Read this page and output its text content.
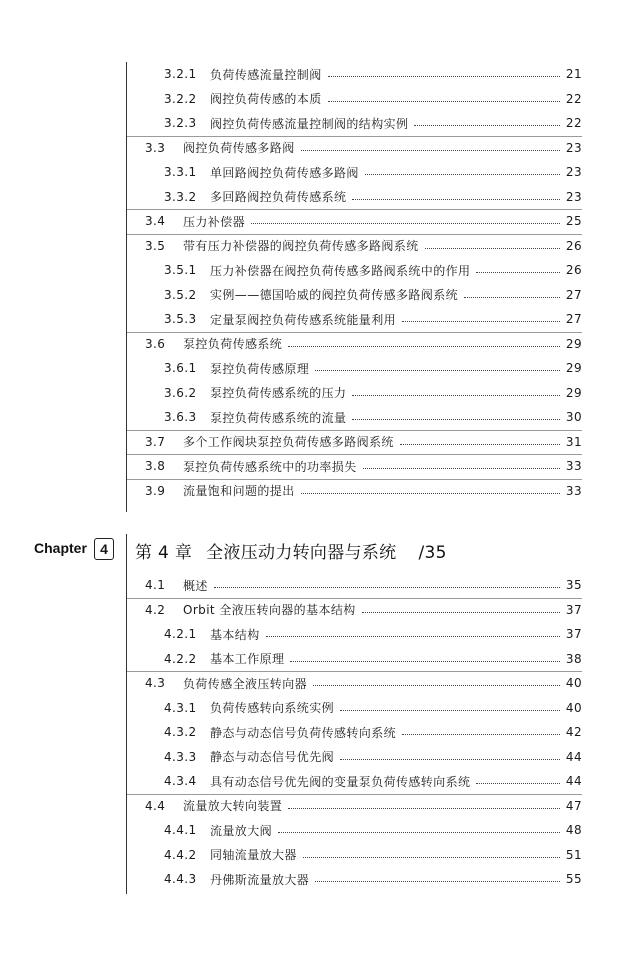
3.2.1	负荷传感流量控制阀	21
3.2.2	阀控负荷传感的本质	22
3.2.3	阀控负荷传感流量控制阀的结构实例	22
3.3	阀控负荷传感多路阀	23
3.3.1	单回路阀控负荷传感多路阀	23
3.3.2	多回路阀控负荷传感系统	23
3.4	压力补偿器	25
3.5	带有压力补偿器的阀控负荷传感多路阀系统	26
3.5.1	压力补偿器在阀控负荷传感多路阀系统中的作用	26
3.5.2	实例——德国哈威的阀控负荷传感多路阀系统	27
3.5.3	定量泵阀控负荷传感系统能量利用	27
3.6	泵控负荷传感系统	29
3.6.1	泵控负荷传感原理	29
3.6.2	泵控负荷传感系统的压力	29
3.6.3	泵控负荷传感系统的流量	30
3.7	多个工作阀块泵控负荷传感多路阀系统	31
3.8	泵控负荷传感系统中的功率损失	33
3.9	流量饱和问题的提出	33
Chapter 4	第 4 章 全液压动力转向器与系统 /35
4.1	概述	35
4.2	Orbit 全液压转向器的基本结构	37
4.2.1	基本结构	37
4.2.2	基本工作原理	38
4.3	负荷传感全液压转向器	40
4.3.1	负荷传感转向系统实例	40
4.3.2	静态与动态信号负荷传感转向系统	42
4.3.3	静态与动态信号优先阀	44
4.3.4	具有动态信号优先阀的变量泵负荷传感转向系统	44
4.4	流量放大转向装置	47
4.4.1	流量放大阀	48
4.4.2	同轴流量放大器	51
4.4.3	丹佛斯流量放大器	55
